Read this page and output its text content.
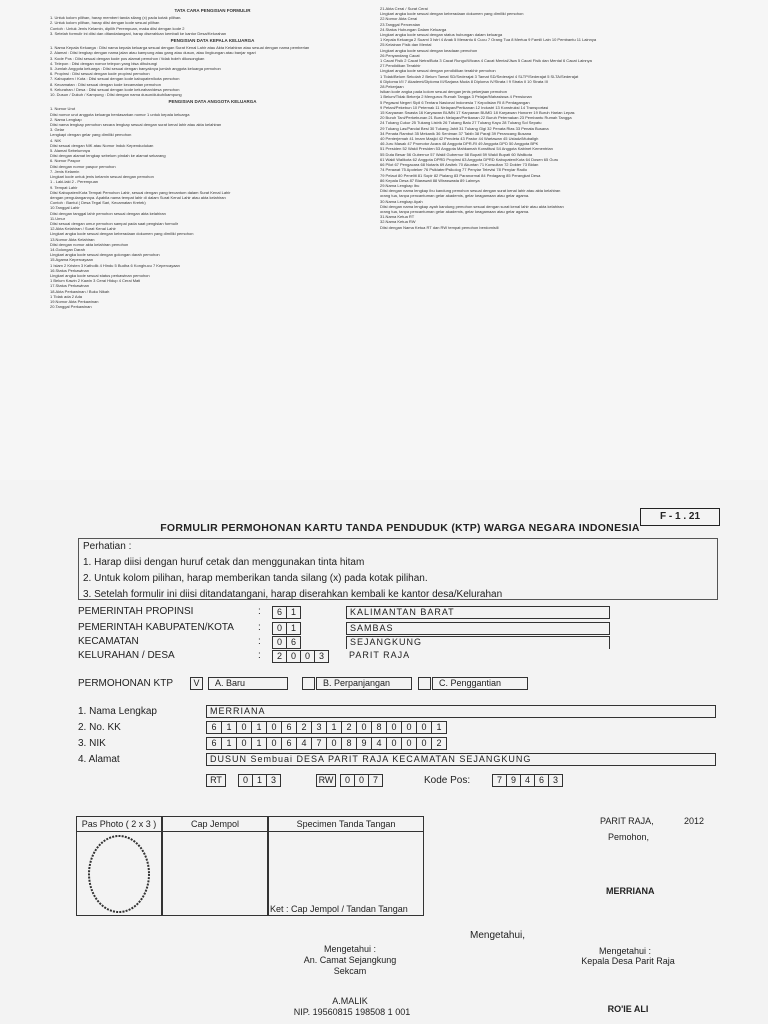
TATA CARA PENGISIAN FORMULIR
1. Untuk kolom pilihan, harap memberi tanda silang (x) pada kotak pilihan.
2. Untuk kolom pilihan, harap diisi dengan kode sesuai pilihan
Contoh : Untuk Jenis Kelamin, dipilih Perempuan, maka diisi dengan kode 2
3. Setelah formulir ini diisi dan ditandatangani, harap diserahkan kembali ke kantor Desa/Kelurahan
PENGISIAN DATA KEPALA KELUARGA
1. Nama Kepala Keluarga : Diisi nama kepala keluarga sesuai dengan Surat Kenal Lahir atau Akta Kelahiran atau sesuai dengan nama pemberian
2. Alamat : Diisi lengkap dengan nama jalan atau kampung atau gang atau dusun, atau lingkungan atau banjar ngari
3. Kode Pos : Diisi sesuai dengan kode pos alamat pemohon / tidak boleh dikosongkan
4. Telepon : Diisi dengan nomor telepon yang bisa dihubungi
5. Jumlah Anggota keluarga : Diisi sesuai dengan banyaknya jumlah anggota keluarga pemohon
6. Propinsi : Diisi sesuai dengan kode propinsi pemohon
7. Kabupaten / Kota : Diisi sesuai dengan kode kabupaten/kota pemohon
8. Kecamatan : Diisi sesuai dengan kode kecamatan pemohon
9. Kelurahan / Desa : Diisi sesuai dengan kode kelurahan/desa pemohon
10. Dusun / Dukuh / Kampung : Diisi dengan nama dusun/dukuh/kampung
PENGISIAN DATA ANGGOTA KELUARGA
1. Nomor Urut
Diisi nomor urut anggota keluarga berdasarkan nomor 1 untuk kepala keluarga
2. Nama Lengkap
Diisi nama lengkap pemohon secara lengkap sesuai dengan surat kenal lahir atau akta kelahiran
3. Gelar
Lengkapi dengan gelar yang dimiliki pemohon
4. NIK
Diisi sesuai dengan NIK atau Nomor Induk Kependudukan
5. Alamat Sebelumnya
Diisi dengan alamat lengkap sebelum pindah ke alamat sekarang
6. Nomor Paspor
Diisi dengan nomor paspor pemohon
7. Jenis Kelamin
Lingkari kode untuk jenis kelamin sesuai dengan pemohon
1 - Laki-laki 2 - Perempuan
9. Tempat Lahir
Diisi Kabupaten/Kota Tempat Pemohon Lahir, sesuai dengan yang tercantum dalam Surat Kenal Lahir
dengan pengulangannya. Apabila nama tempat lahir di dalam Surat Kenal Lahir atau akta kelahiran
Contoh : Bantul ( Desa Tegal Sari, Kecamatan Kretek)
10.Tanggal Lahir
Diisi dengan tanggal lahir pemohon sesuai dengan akta kelahiran
11.Umur
Diisi sesuai dengan umur pemohon sampai pada saat pengisian formulir
12.Akta Kelahiran / Surat Kenal Lahir
Lingkari angka kode sesuai dengan keberadaan dokumen yang dimiliki pemohon
13.Nomor Akta Kelahiran
Diisi dengan nomor akta kelahiran pemohon
14.Golongan Darah
Lingkari angka kode sesuai dengan golongan darah pemohon
15.Agama Kepercayaan
1 Islam 2 Kristen 3 Katholik 4 Hindu 5 Budha 6 Konghucu 7 Kepercayaan
16.Status Perkawinan
Lingkari angka kode sesuai status perkawinan pemohon
1 Belum Kawin 2 Kawin 3 Cerai Hidup 4 Cerai Mati
17.Status Perkawinan
18.Akta Perkawinan / Buku Nikah
1 Tidak ada 2 Ada
19.Nomor Akta Perkawinan
20.Tanggal Perkawinan
21.Akta Cerai / Surat Cerai
Lingkari angka kode sesuai dengan keberadaan dokumen yang dimiliki pemohon
22.Nomor Akta Cerai
23.Tanggal Perceraian
24.Status Hubungan Dalam Keluarga
Lingkari angka kode sesuai dengan status hubungan dalam keluarga
1 Kepala Keluarga 2 Suami 3 Istri 4 Anak 5 Menantu 6 Cucu 7 Orang Tua 8 Mertua 9 Famili Lain 10 Pembantu 11 Lainnya
25.Kelainan Fisik dan Mental
Lingkari angka kode sesuai dengan keadaan pemohon
26.Penyandang Cacat
1 Cacat Fisik 2 Cacat Netra/Buta 3 Cacat Rungu/Wicara 4 Cacat Mental/Jiwa 5 Cacat Fisik dan Mental 6 Cacat Lainnya
27.Pendidikan Terakhir
Lingkari angka kode sesuai dengan pendidikan terakhir pemohon
1 Tidak/Belum Sekolah 2 Belum Tamat SD/Sederajat 3 Tamat SD/Sederajat 4 SLTP/Sederajat 5 SLTA/Sederajat
6 Diploma I/II 7 Akademi/Diploma III/Sarjana Muda 8 Diploma IV/Strata I 9 Strata II 10 Strata III
28.Pekerjaan
Isikan kode angka pada kolom sesuai dengan jenis pekerjaan pemohon
1 Belum/Tidak Bekerja 2 Mengurus Rumah Tangga 3 Pelajar/Mahasiswa 4 Pensiunan
5 Pegawai Negeri Sipil 6 Tentara Nasional Indonesia 7 Kepolisian RI 8 Perdagangan
9 Petani/Pekebun 10 Peternak 11 Nelayan/Perikanan 12 Industri 13 Konstruksi 14 Transportasi
15 Karyawan Swasta 16 Karyawan BUMN 17 Karyawan BUMD 18 Karyawan Honorer 19 Buruh Harian Lepas
20 Buruh Tani/Perkebunan 21 Buruh Nelayan/Perikanan 22 Buruh Peternakan 23 Pembantu Rumah Tangga
24 Tukang Cukur 25 Tukang Listrik 26 Tukang Batu 27 Tukang Kayu 28 Tukang Sol Sepatu
29 Tukang Las/Pandai Besi 30 Tukang Jahit 31 Tukang Gigi 32 Penata Rias 33 Penata Busana
34 Penata Rambut 35 Mekanik 36 Seniman 37 Tabib 38 Paraji 39 Perancang Busana
40 Penterjemah 41 Imam Masjid 42 Pendeta 43 Pastor 44 Wartawan 45 Ustadz/Mubaligh
46 Juru Masak 47 Promotor Acara 48 Anggota DPR-RI 49 Anggota DPD 50 Anggota BPK
51 Presiden 52 Wakil Presiden 53 Anggota Mahkamah Konstitusi 54 Anggota Kabinet Kementrian
55 Duta Besar 56 Gubernur 57 Wakil Gubernur 58 Bupati 59 Wakil Bupati 60 Walikota
61 Wakil Walikota 62 Anggota DPRD Propinsi 63 Anggota DPRD Kabupaten/Kota 64 Dosen 65 Guru
66 Pilot 67 Pengacara 68 Notaris 69 Arsitek 70 Akuntan 71 Konsultan 72 Dokter 73 Bidan
74 Perawat 75 Apoteker 76 Psikiater/Psikolog 77 Penyiar Televisi 78 Penyiar Radio
79 Pelaut 80 Peneliti 81 Sopir 82 Pialang 83 Paranormal 84 Pedagang 85 Perangkat Desa
86 Kepala Desa 87 Biarawati 88 Wiraswasta 89 Lainnya
29.Nama Lengkap Ibu
Diisi dengan nama lengkap ibu kandung pemohon sesuai dengan surat kenal lahir atau akta kelahiran
orang tua, tanpa pencantuman gelar akademis, gelar keagamaan atau gelar agama.
30.Nama Lengkap Ayah
Diisi dengan nama lengkap ayah kandung pemohon sesuai dengan surat kenal lahir atau akta kelahiran
orang tua, tanpa pencantuman gelar akademis, gelar keagamaan atau gelar agama.
31.Nama Ketua RT
32.Nama Ketua RW
Diisi dengan Nama Ketua RT dan RW tempat pemohon berdomisili
F - 1 . 21
FORMULIR PERMOHONAN KARTU TANDA PENDUDUK (KTP) WARGA NEGARA INDONESIA
Perhatian :
1. Harap diisi dengan huruf cetak dan menggunakan tinta hitam
2. Untuk kolom pilihan, harap memberikan tanda silang (x) pada kotak pilihan.
3. Setelah formulir ini diisi ditandatangani, harap diserahkan kembali ke kantor desa/Kelurahan
PEMERINTAH PROPINSI	:	6 1	KALIMANTAN BARAT
PEMERINTAH KABUPATEN/KOTA :	0 1	SAMBAS
KECAMATAN	:	0 6	SEJANGKUNG
KELURAHAN / DESA	:	2 0 0 3	PARIT RAJA
PERMOHONAN KTP	V	A. Baru	B. Perpanjangan	C. Penggantian
1. Nama Lengkap	MERRIANA
2. No. KK	6	1	0	1	0	6	2	3	1	2	0	8	0	0	0	1
3. NIK	6	1	0	1	0	6	4	7	0	8	9	4	0	0	0	2
4. Alamat	DUSUN Sembuai DESA PARIT RAJA KECAMATAN SEJANGKUNG
RT	0 1 3	RW	0 0 7	Kode Pos:	7 9 4 6 3
Pas Photo ( 2 x 3 )	Cap Jempol	Specimen Tanda Tangan
Ket : Cap Jempol / Tandan Tangan
PARIT RAJA,	2012
Pemohon,
MERRIANA
Mengetahui,
Mengetahui :
An. Camat Sejangkung
Sekcam
A.MALIK
NIP. 19560815 198508 1 001
Mengetahui :
Kepala Desa Parit Raja
RO'IE ALI
